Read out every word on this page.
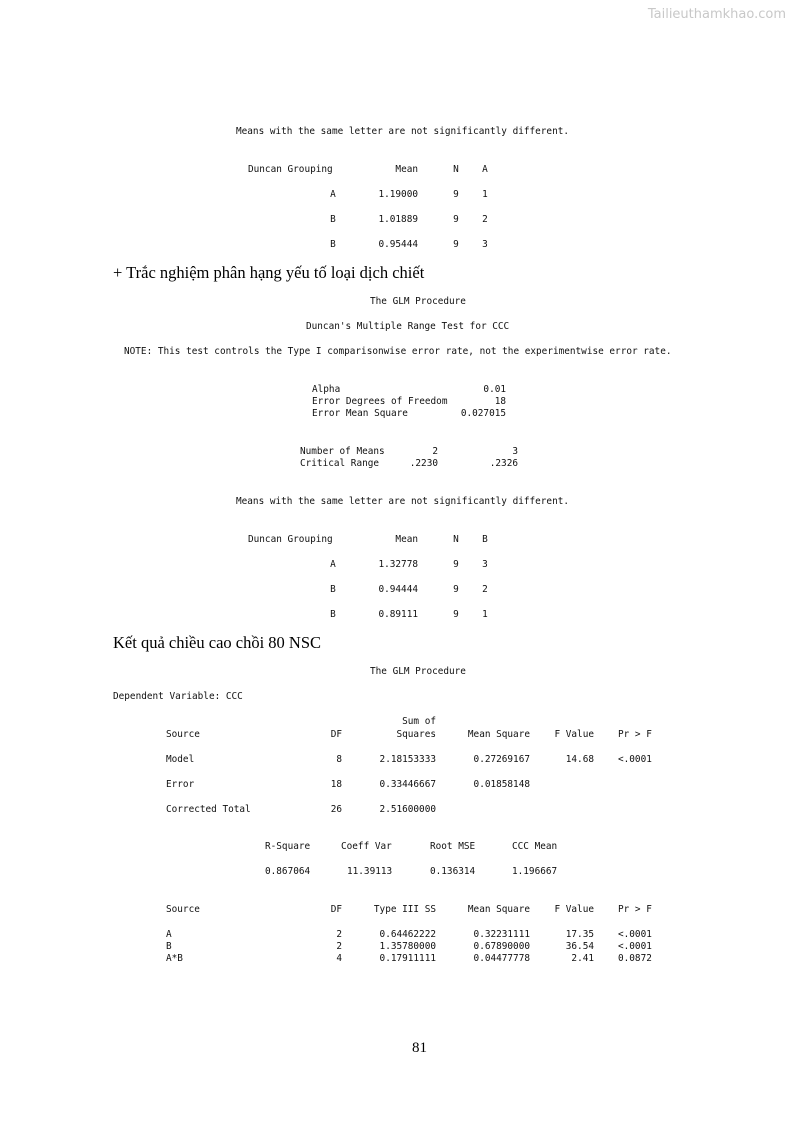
Tailieuthamkhao.com
Means with the same letter are not significantly different.
Duncan Grouping	Mean	N	A
A	1.19000	9	1
B	1.01889	9	2
B	0.95444	9	3
+ Trắc nghiệm phân hạng yếu tố loại dịch chiết
The GLM Procedure
Duncan's Multiple Range Test for CCC
NOTE: This test controls the Type I comparisonwise error rate, not the experimentwise error rate.
Alpha	0.01
Error Degrees of Freedom	18
Error Mean Square	0.027015
Number of Means	2	3
Critical Range	.2230	.2326
Means with the same letter are not significantly different.
Duncan Grouping	Mean	N	B
A	1.32778	9	3
B	0.94444	9	2
B	0.89111	9	1
Kết quả chiều cao chồi 80 NSC
The GLM Procedure
Dependent Variable: CCC
Sum of
Source	DF	Squares	Mean Square	F Value	Pr > F
Model	8	2.18153333	0.27269167	14.68	<.0001
Error	18	0.33446667	0.01858148
Corrected Total	26	2.51600000
R-Square	Coeff Var	Root MSE	CCC Mean
0.867064	11.39113	0.136314	1.196667
Source	DF	Type III SS	Mean Square	F Value	Pr > F
A	2	0.64462222	0.32231111	17.35	<.0001
B	2	1.35780000	0.67890000	36.54	<.0001
A*B	4	0.17911111	0.04477778	2.41	0.0872
81
